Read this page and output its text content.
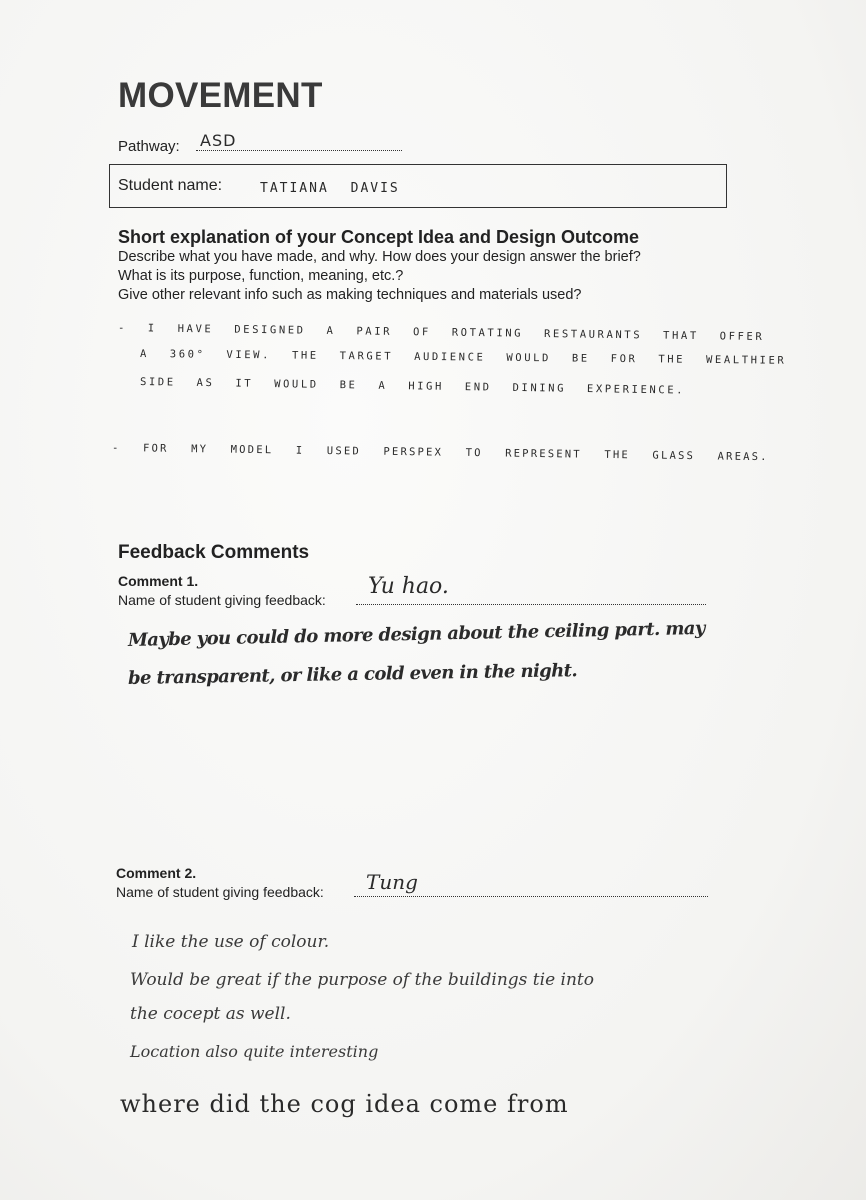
MOVEMENT
Pathway: ASD
Student name:	TATIANA DAVIS
Short explanation of your Concept Idea and Design Outcome
Describe what you have made, and why. How does your design answer the brief?
What is its purpose, function, meaning, etc.?
Give other relevant info such as making techniques and materials used?
- I HAVE DESIGNED A PAIR OF ROTATING RESTAURANTS THAT OFFER
A 360° VIEW. THE TARGET AUDIENCE WOULD BE FOR THE WEALTHIER
SIDE AS IT WOULD BE A HIGH END DINING EXPERIENCE.
- FOR MY MODEL I USED PERSPEX TO REPRESENT THE GLASS AREAS.
Feedback Comments
Comment 1.
Name of student giving feedback:
Yu hao.
Maybe you could do more design about the ceiling part. may
be transparent, or like a cold even in the night.
Comment 2.
Name of student giving feedback: Tung
I like the use of colour.
Would be great if the purpose of the buildings tie into
the cocept as well.
Location also quite interesting
where did the cog idea come from
